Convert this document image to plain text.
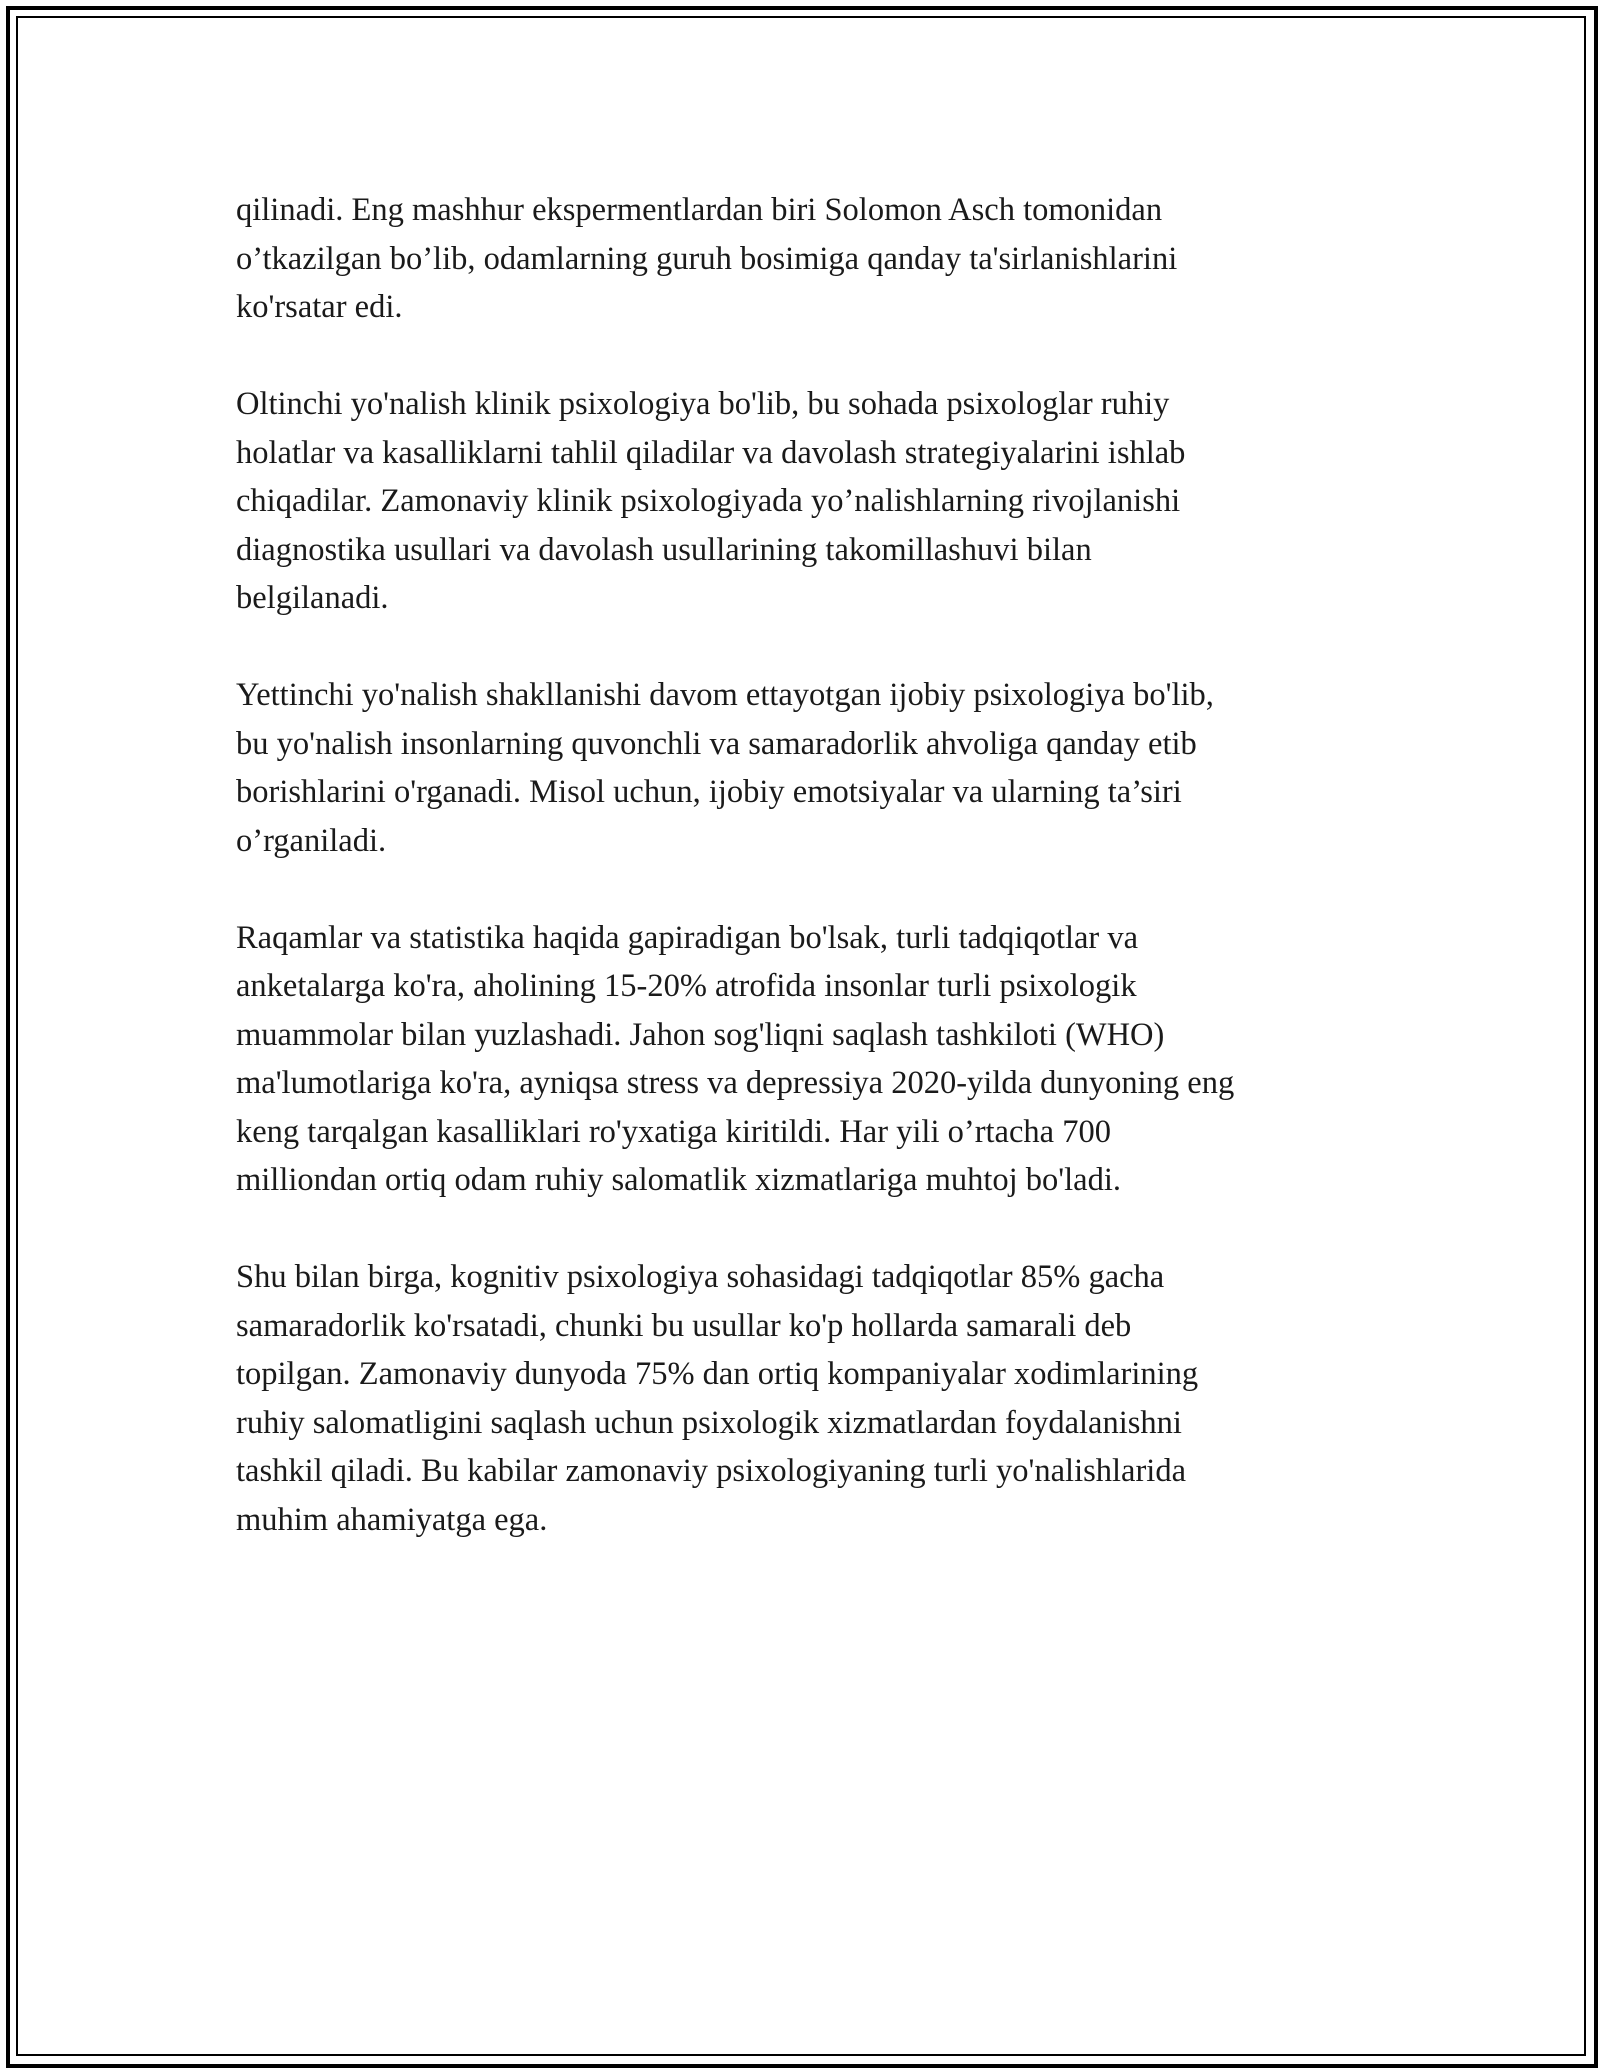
qilinadi. Eng mashhur ekspermentlardan biri Solomon Asch tomonidan
o’tkazilgan bo’lib, odamlarning guruh bosimiga qanday ta'sirlanishlarini
ko'rsatar edi.

Oltinchi yo'nalish klinik psixologiya bo'lib, bu sohada psixologlar ruhiy
holatlar va kasalliklarni tahlil qiladilar va davolash strategiyalarini ishlab
chiqadilar. Zamonaviy klinik psixologiyada yo’nalishlarning rivojlanishi
diagnostika usullari va davolash usullarining takomillashuvi bilan
belgilanadi.

Yettinchi yo'nalish shakllanishi davom ettayotgan ijobiy psixologiya bo'lib,
bu yo'nalish insonlarning quvonchli va samaradorlik ahvoliga qanday etib
borishlarini o'rganadi. Misol uchun, ijobiy emotsiyalar va ularning ta’siri
o’rganiladi.

Raqamlar va statistika haqida gapiradigan bo'lsak, turli tadqiqotlar va
anketalarga ko'ra, aholining 15-20% atrofida insonlar turli psixologik
muammolar bilan yuzlashadi. Jahon sog'liqni saqlash tashkiloti (WHO)
ma'lumotlariga ko'ra, ayniqsa stress va depressiya 2020-yilda dunyoning eng
keng tarqalgan kasalliklari ro'yxatiga kiritildi. Har yili o’rtacha 700
milliondan ortiq odam ruhiy salomatlik xizmatlariga muhtoj bo'ladi.

Shu bilan birga, kognitiv psixologiya sohasidagi tadqiqotlar 85% gacha
samaradorlik ko'rsatadi, chunki bu usullar ko'p hollarda samarali deb
topilgan. Zamonaviy dunyoda 75% dan ortiq kompaniyalar xodimlarining
ruhiy salomatligini saqlash uchun psixologik xizmatlardan foydalanishni
tashkil qiladi. Bu kabilar zamonaviy psixologiyaning turli yo'nalishlarida
muhim ahamiyatga ega.
